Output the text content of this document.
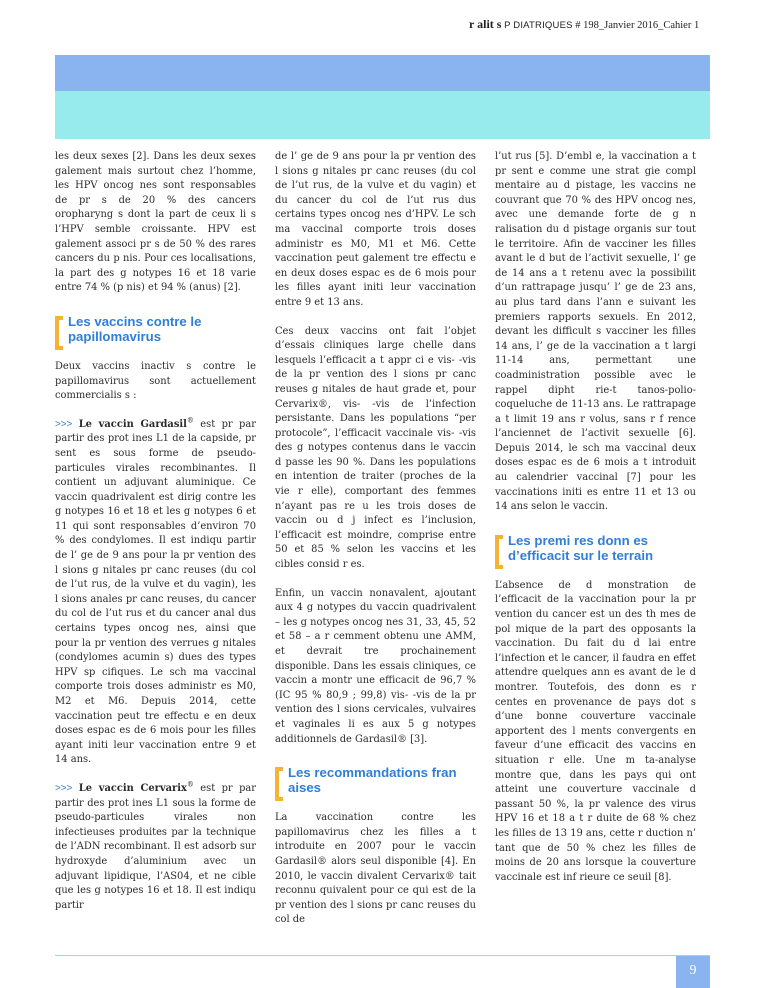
r alit s P DIATRIQUES # 198_Janvier 2016_Cahier 1

les deux sexes [2]. Dans les deux sexes galement mais surtout chez l’homme, les HPV oncog nes sont responsables de pr s de 20 % des cancers oropharyng s dont la part de ceux li s l’HPV semble croissante. HPV est galement associ pr s de 50 % des rares cancers du p nis. Pour ces localisations, la part des g notypes 16 et 18 varie entre 74 % (p nis) et 94 % (anus) [2].

Les vaccins contre le papillomavirus

Deux vaccins inactiv s contre le papillomavirus sont actuellement commercialis s :

>>> Le vaccin Gardasil® est pr par partir des prot ines L1 de la capside, pr sent es sous forme de pseudo-particules virales recombinantes. Il contient un adjuvant aluminique. Ce vaccin quadrivalent est dirig contre les g notypes 16 et 18 et les g notypes 6 et 11 qui sont responsables d’environ 70 % des condylomes. Il est indiqu partir de l’ ge de 9 ans pour la pr vention des l sions g nitales pr canc reuses (du col de l’ut rus, de la vulve et du vagin), les l sions anales pr canc reuses, du cancer du col de l’ut rus et du cancer anal dus certains types oncog nes, ainsi que pour la pr vention des verrues g nitales (condylomes acumin s) dues des types HPV sp cifiques. Le sch ma vaccinal comporte trois doses administr es M0, M2 et M6. Depuis 2014, cette vaccination peut tre effectu e en deux doses espac es de 6 mois pour les filles ayant initi leur vaccination entre 9 et 14 ans.

>>> Le vaccin Cervarix® est pr par partir des prot ines L1 sous la forme de pseudo-particules virales non infectieuses produites par la technique de l’ADN recombinant. Il est adsorb sur hydroxyde d’aluminium avec un adjuvant lipidique, l’AS04, et ne cible que les g notypes 16 et 18. Il est indiqu partir

de l’ ge de 9 ans pour la pr vention des l sions g nitales pr canc reuses (du col de l’ut rus, de la vulve et du vagin) et du cancer du col de l’ut rus dus certains types oncog nes d’HPV. Le sch ma vaccinal comporte trois doses administr es M0, M1 et M6. Cette vaccination peut galement tre effectu e en deux doses espac es de 6 mois pour les filles ayant initi leur vaccination entre 9 et 13 ans.

Ces deux vaccins ont fait l’objet d’essais cliniques large chelle dans lesquels l’efficacit a t appr ci e vis- -vis de la pr vention des l sions pr canc reuses g nitales de haut grade et, pour Cervarix®, vis- -vis de l’infection persistante. Dans les populations “per protocole”, l’efficacit vaccinale vis- -vis des g notypes contenus dans le vaccin d passe les 90 %. Dans les populations en intention de traiter (proches de la vie r elle), comportant des femmes n’ayant pas re u les trois doses de vaccin ou d j infect es l’inclusion, l’efficacit est moindre, comprise entre 50 et 85 % selon les vaccins et les cibles consid r es.

Enfin, un vaccin nonavalent, ajoutant aux 4 g notypes du vaccin quadrivalent – les g notypes oncog nes 31, 33, 45, 52 et 58 – a r cemment obtenu une AMM, et devrait tre prochainement disponible. Dans les essais cliniques, ce vaccin a montr une efficacit de 96,7 % (IC 95 % 80,9 ; 99,8) vis- -vis de la pr vention des l sions cervicales, vulvaires et vaginales li es aux 5 g notypes additionnels de Gardasil® [3].

Les recommandations fran aises

La vaccination contre les papillomavirus chez les filles a t introduite en 2007 pour le vaccin Gardasil® alors seul disponible [4]. En 2010, le vaccin divalent Cervarix® tait reconnu quivalent pour ce qui est de la pr vention des l sions pr canc reuses du col de

l’ut rus [5]. D’embl e, la vaccination a t pr sent e comme une strat gie compl mentaire au d pistage, les vaccins ne couvrant que 70 % des HPV oncog nes, avec une demande forte de g n ralisation du d pistage organis sur tout le territoire. Afin de vacciner les filles avant le d but de l’activit sexuelle, l’ ge de 14 ans a t retenu avec la possibilit d’un rattrapage jusqu’ l’ ge de 23 ans, au plus tard dans l’ann e suivant les premiers rapports sexuels. En 2012, devant les difficult s vacciner les filles 14 ans, l’ ge de la vaccination a t largi 11-14 ans, permettant une coadministration possible avec le rappel dipht rie-t tanos-polio-coqueluche de 11-13 ans. Le rattrapage a t limit 19 ans r volus, sans r f rence l’anciennet de l’activit sexuelle [6]. Depuis 2014, le sch ma vaccinal deux doses espac es de 6 mois a t introduit au calendrier vaccinal [7] pour les vaccinations initi es entre 11 et 13 ou 14 ans selon le vaccin.

Les premi res donn es d’efficacit sur le terrain

L’absence de d monstration de l’efficacit de la vaccination pour la pr vention du cancer est un des th mes de pol mique de la part des opposants la vaccination. Du fait du d lai entre l’infection et le cancer, il faudra en effet attendre quelques ann es avant de le d montrer. Toutefois, des donn es r centes en provenance de pays dot s d’une bonne couverture vaccinale apportent des l ments convergents en faveur d’une efficacit des vaccins en situation r elle. Une m ta-analyse montre que, dans les pays qui ont atteint une couverture vaccinale d passant 50 %, la pr valence des virus HPV 16 et 18 a t r duite de 68 % chez les filles de 13 19 ans, cette r duction n’ tant que de 50 % chez les filles de moins de 20 ans lorsque la couverture vaccinale est inf rieure ce seuil [8].

9
